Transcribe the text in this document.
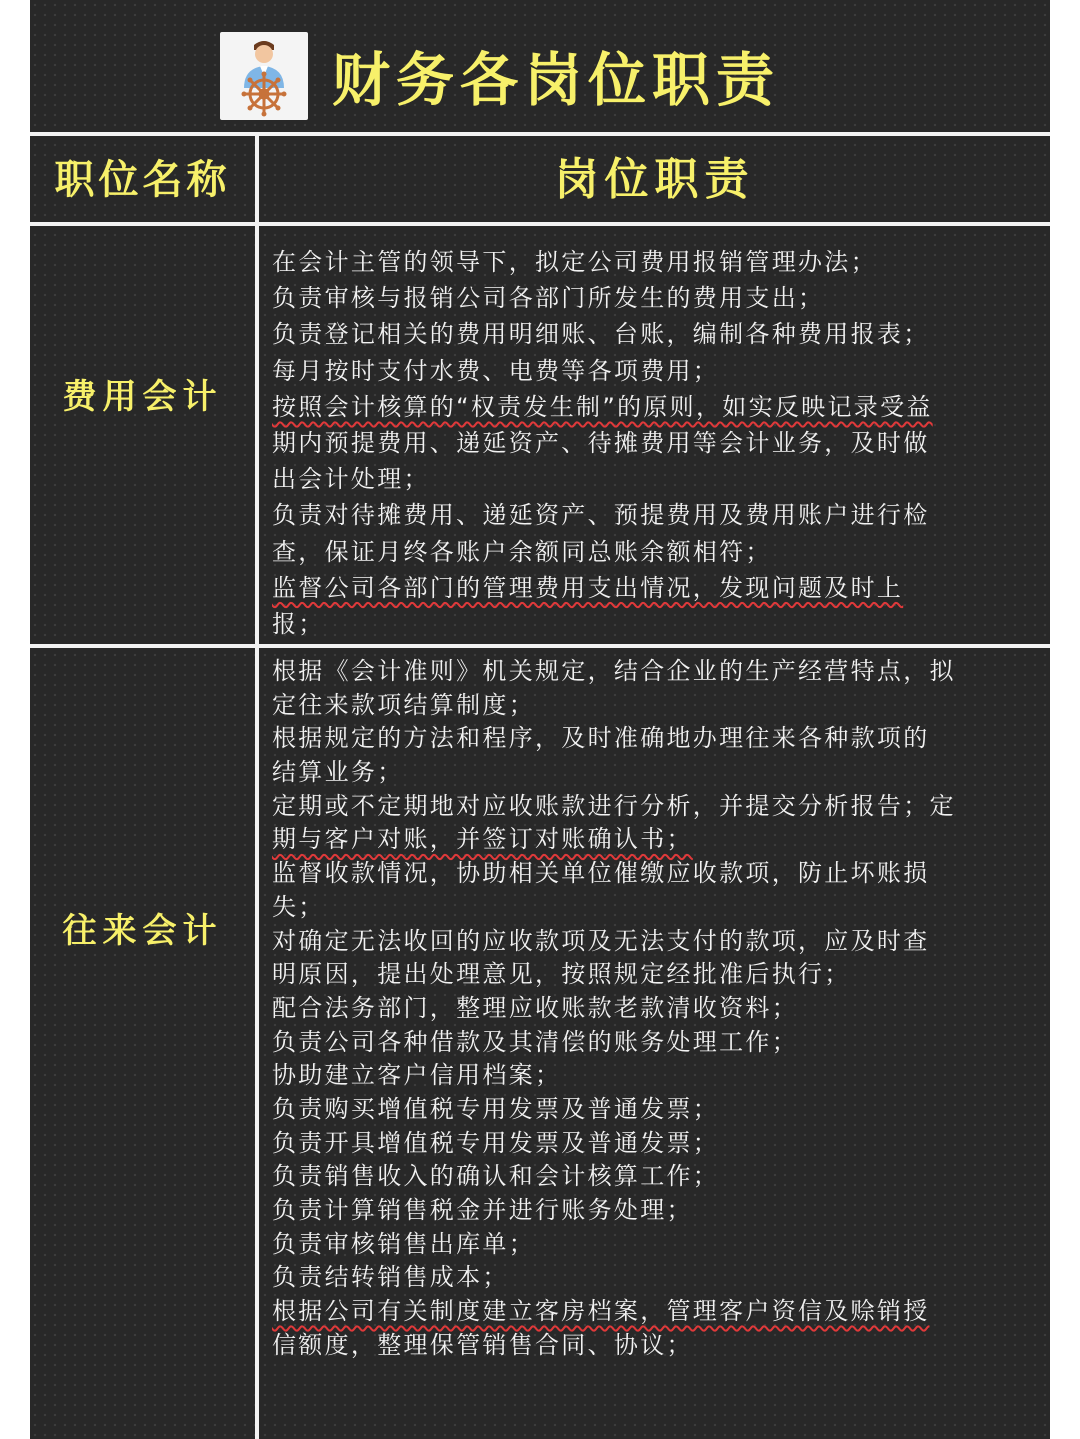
财务各岗位职责
职位名称	岗位职责
费用会计
在会计主管的领导下，拟定公司费用报销管理办法；
负责审核与报销公司各部门所发生的费用支出；
负责登记相关的费用明细账、台账，编制各种费用报表；
每月按时支付水费、电费等各项费用；
按照会计核算的“权责发生制”的原则，如实反映记录受益
期内预提费用、递延资产、待摊费用等会计业务，及时做
出会计处理；
负责对待摊费用、递延资产、预提费用及费用账户进行检
查，保证月终各账户余额同总账余额相符；
监督公司各部门的管理费用支出情况，发现问题及时上
报；
往来会计
根据《会计准则》机关规定，结合企业的生产经营特点，拟
定往来款项结算制度；
根据规定的方法和程序，及时准确地办理往来各种款项的
结算业务；
定期或不定期地对应收账款进行分析，并提交分析报告；定
期与客户对账，并签订对账确认书；
监督收款情况，协助相关单位催缴应收款项，防止坏账损
失；
对确定无法收回的应收款项及无法支付的款项，应及时查
明原因，提出处理意见，按照规定经批准后执行；
配合法务部门，整理应收账款老款清收资料；
负责公司各种借款及其清偿的账务处理工作；
协助建立客户信用档案；
负责购买增值税专用发票及普通发票；
负责开具增值税专用发票及普通发票；
负责销售收入的确认和会计核算工作；
负责计算销售税金并进行账务处理；
负责审核销售出库单；
负责结转销售成本；
根据公司有关制度建立客房档案，管理客户资信及赊销授
信额度，整理保管销售合同、协议；
